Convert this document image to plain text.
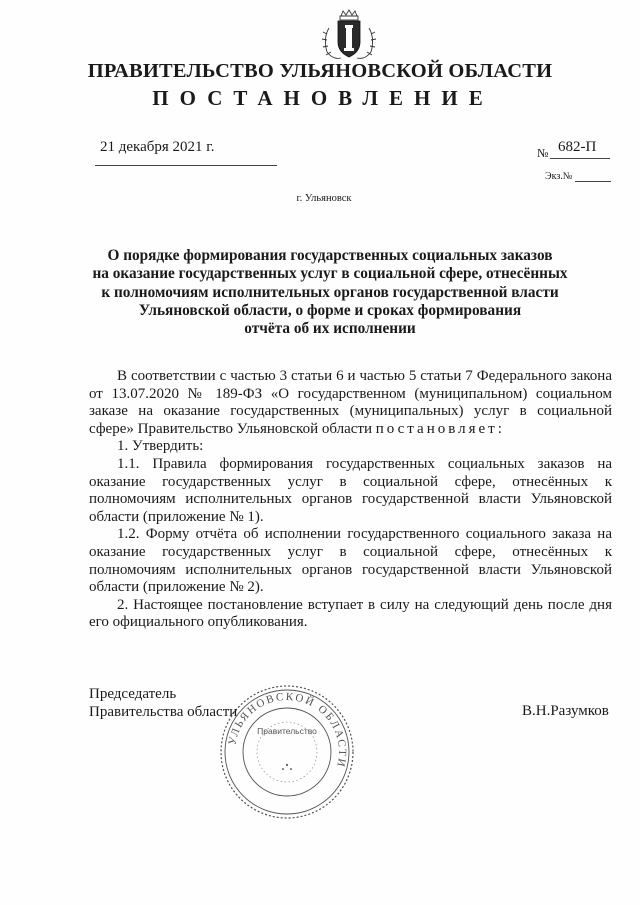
ПРАВИТЕЛЬСТВО УЛЬЯНОВСКОЙ ОБЛАСТИ
ПОСТАНОВЛЕНИЕ
21 декабря 2021 г.	№ 682-П
Экз.№
г. Ульяновск
О порядке формирования государственных социальных заказов
на оказание государственных услуг в социальной сфере, отнесённых
к полномочиям исполнительных органов государственной власти
Ульяновской области, о форме и сроках формирования
отчёта об их исполнении

В соответствии с частью 3 статьи 6 и частью 5 статьи 7 Федерального закона от 13.07.2020 № 189-ФЗ «О государственном (муниципальном) социальном заказе на оказание государственных (муниципальных) услуг в социальной сфере» Правительство Ульяновской области постановляет:

1. Утвердить:

1.1. Правила формирования государственных социальных заказов на оказание государственных услуг в социальной сфере, отнесённых к полномочиям исполнительных органов государственной власти Ульяновской области (приложение № 1).

1.2. Форму отчёта об исполнении государственного социального заказа на оказание государственных услуг в социальной сфере, отнесённых к полномочиям исполнительных органов государственной власти Ульяновской области (приложение № 2).

2. Настоящее постановление вступает в силу на следующий день после дня его официального опубликования.

Председатель
Правительства области	В.Н.Разумков
УЛЬЯНОВСКОЙ ОБЛАСТИ
Правительство
